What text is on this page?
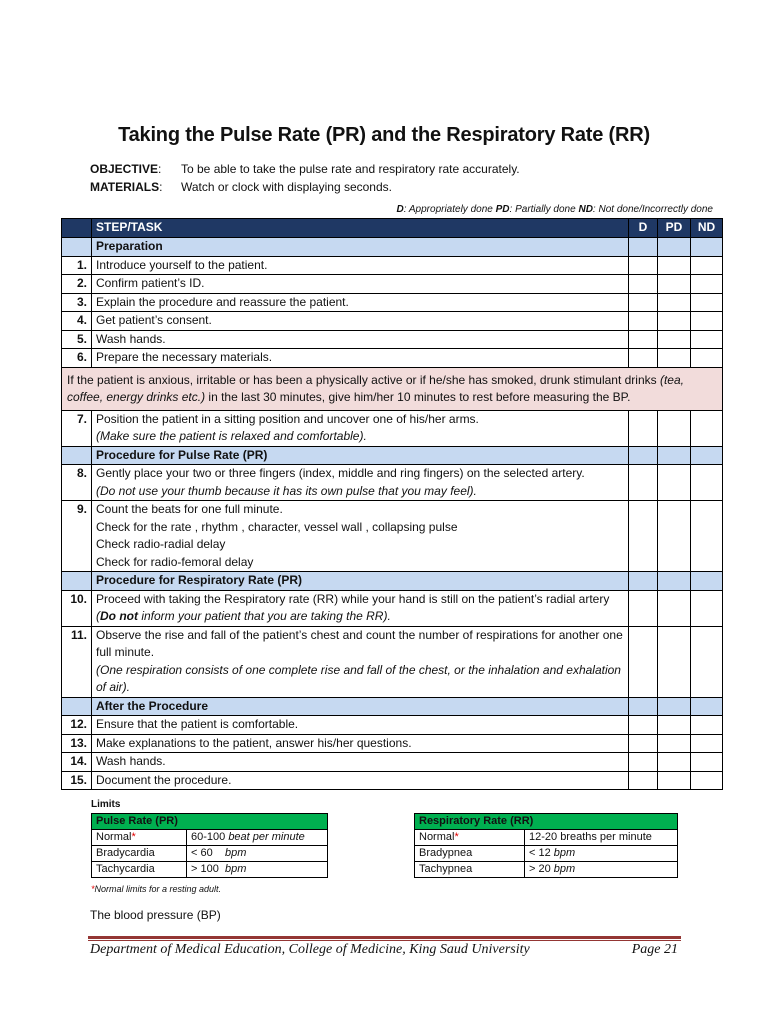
Taking the Pulse Rate (PR) and the Respiratory Rate (RR)
OBJECTIVE:	To be able to take the pulse rate and respiratory rate accurately.
MATERIALS:	Watch or clock with displaying seconds.
D: Appropriately done PD: Partially done ND: Not done/Incorrectly done
	STEP/TASK	D	PD	ND
	Preparation			
1.	Introduce yourself to the patient.			
2.	Confirm patient’s ID.			
3.	Explain the procedure and reassure the patient.			
4.	Get patient’s consent.			
5.	Wash hands.			
6.	Prepare the necessary materials.			
If the patient is anxious, irritable or has been a physically active or if he/she has smoked, drunk stimulant drinks (tea, coffee, energy drinks etc.) in the last 30 minutes, give him/her 10 minutes to rest before measuring the BP.				
7.	Position the patient in a sitting position and uncover one of his/her arms.
(Make sure the patient is relaxed and comfortable).			

	Procedure for Pulse Rate (PR)			
8.	Gently place your two or three fingers (index, middle and ring fingers) on the selected artery.
(Do not use your thumb because it has its own pulse that you may feel).			

9.	Count the beats for one full minute.
Check for the rate , rhythm , character, vessel wall , collapsing pulse
Check radio-radial delay
Check for radio-femoral delay			

	Procedure for Respiratory Rate (PR)			
10.	Proceed with taking the Respiratory rate (RR) while your hand is still on the patient’s radial artery (Do not inform your patient that you are taking the RR).			
11.	Observe the rise and fall of the patient’s chest and count the number of respirations for another one full minute.
(One respiration consists of one complete rise and fall of the chest, or the inhalation and exhalation of air).			

	After the Procedure			
12.	Ensure that the patient is comfortable.			
13.	Make explanations to the patient, answer his/her questions.			
14.	Wash hands.			
15.	Document the procedure.			
Limits
Pulse Rate (PR)	
Normal*	60-100 beat per minute
Bradycardia	< 60    bpm
Tachycardia	> 100  bpm
Respiratory Rate (RR)	
Normal*	12-20 breaths per minute
Bradypnea	< 12 bpm
Tachypnea	> 20 bpm
*Normal limits for a resting adult.
The blood pressure (BP)
Department of Medical Education, College of Medicine, King Saud University	Page 21
